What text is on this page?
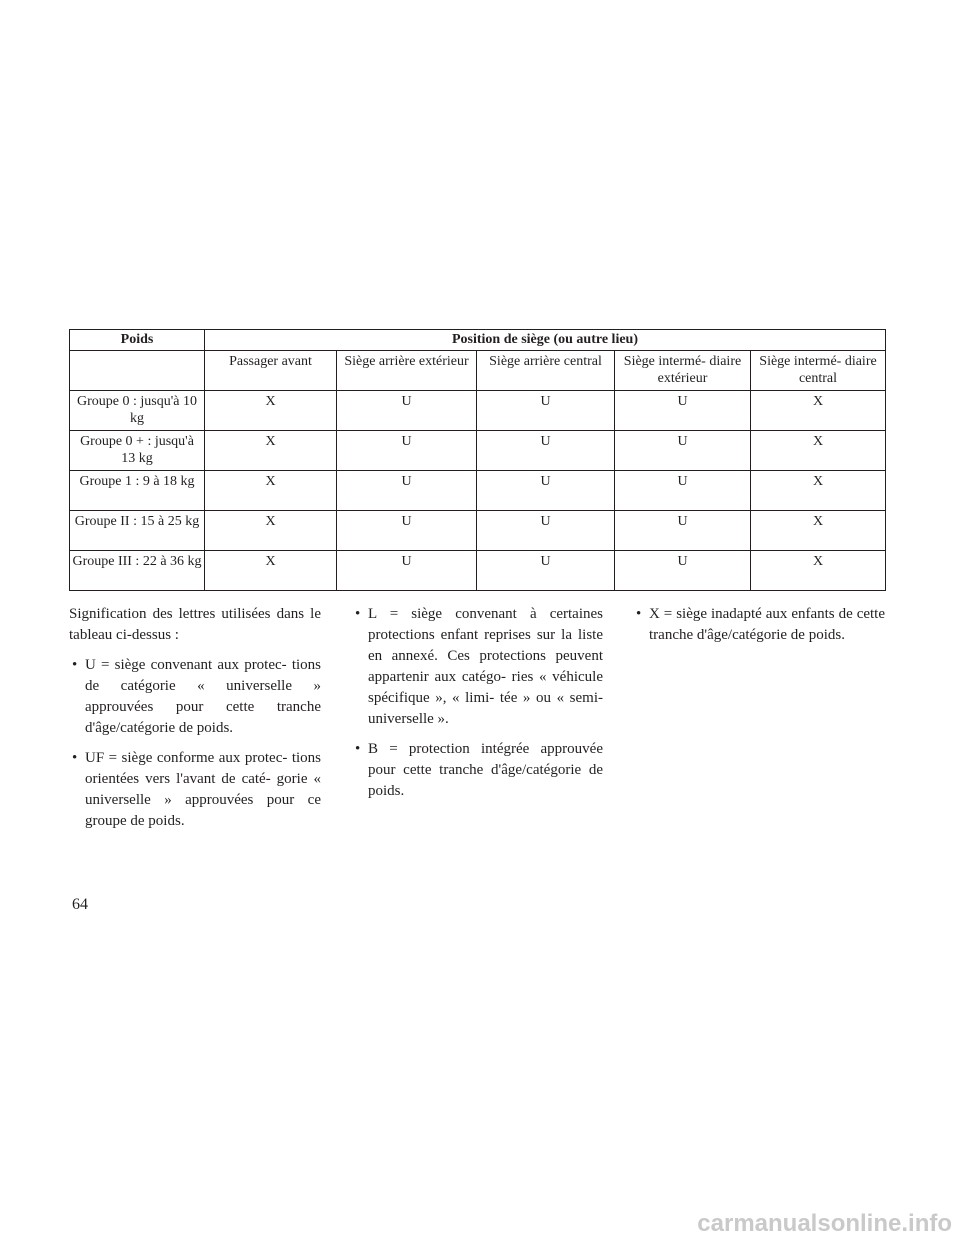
Poids	Position de siège (ou autre lieu)				
	Passager avant	Siège arrière extérieur	Siège arrière central	Siège intermé- diaire extérieur	Siège intermé- diaire central
Groupe 0 : jusqu'à 10 kg	X	U	U	U	X
Groupe 0 + : jusqu'à 13 kg	X	U	U	U	X
Groupe 1 : 9 à 18 kg	X	U	U	U	X
Groupe II : 15 à 25 kg	X	U	U	U	X
Groupe III : 22 à 36 kg	X	U	U	U	X

Signification des lettres utilisées dans le tableau ci-dessus :

• U = siège convenant aux protec- tions de catégorie « universelle » approuvées pour cette tranche d'âge/catégorie de poids.
• UF = siège conforme aux protec- tions orientées vers l'avant de caté- gorie « universelle » approuvées pour ce groupe de poids.
• L = siège convenant à certaines protections enfant reprises sur la liste en annexé. Ces protections peuvent appartenir aux catégo- ries « véhicule spécifique », « limi- tée » ou « semi-universelle ».
• B = protection intégrée approuvée pour cette tranche d'âge/catégorie de poids.
• X = siège inadapté aux enfants de cette tranche d'âge/catégorie de poids.
64
carmanualsonline.info
